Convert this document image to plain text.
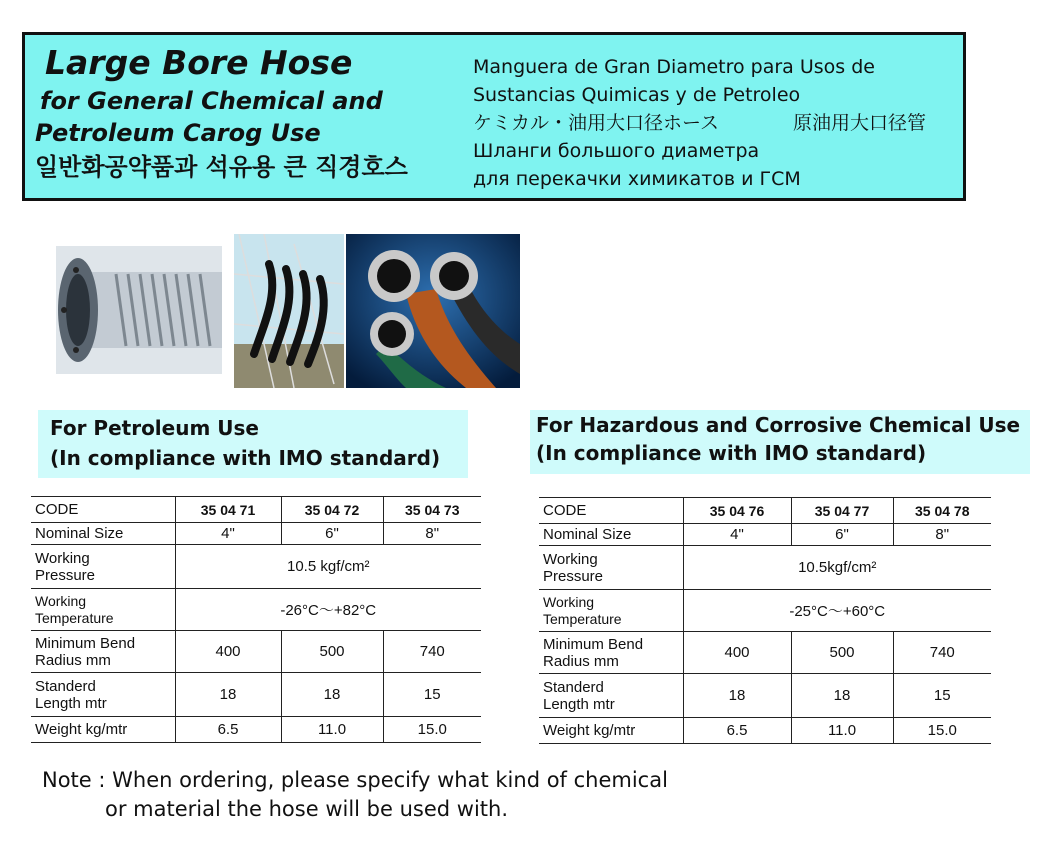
Large Bore Hose
for General Chemical and
Petroleum Carog Use
일반화공약품과 석유용 큰 직경호스
Manguera de Gran Diametro para Usos de
Sustancias Quimicas y de Petroleo
ケミカル・油用大口径ホース	原油用大口径管
Шланги большого диаметра
для перекачки химикатов и ГСМ
For Petroleum Use
(In compliance with IMO standard)
For Hazardous and Corrosive Chemical Use
(In compliance with IMO standard)
CODE	35 04 71	35 04 72	35 04 73
Nominal Size	4"	6"	8"
Working
Pressure	10.5 kgf/cm²		
Working
Temperature	-26°C～+82°C		
Minimum Bend
Radius mm	400	500	740
Standerd
Length mtr	18	18	15
Weight kg/mtr	6.5	11.0	15.0
CODE	35 04 76	35 04 77	35 04 78
Nominal Size	4"	6"	8"
Working
Pressure	10.5kgf/cm²		
Working
Temperature	-25°C～+60°C		
Minimum Bend
Radius mm	400	500	740
Standerd
Length mtr	18	18	15
Weight kg/mtr	6.5	11.0	15.0
Note : When ordering, please specify what kind of chemical
or material the hose will be used with.
